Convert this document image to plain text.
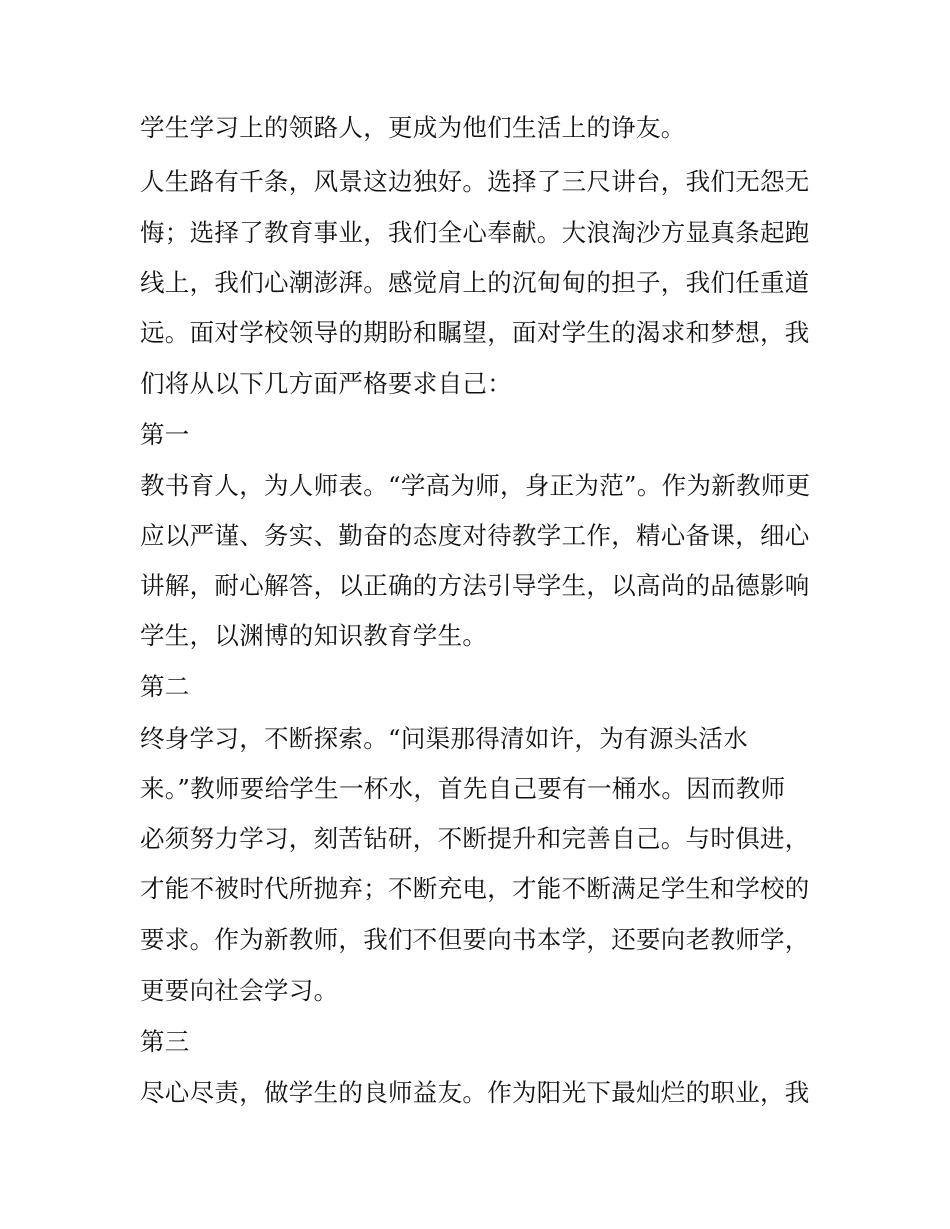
学生学习上的领路人，更成为他们生活上的诤友。
人生路有千条，风景这边独好。选择了三尺讲台，我们无怨无
悔；选择了教育事业，我们全心奉献。大浪淘沙方显真条起跑
线上，我们心潮澎湃。感觉肩上的沉甸甸的担子，我们任重道
远。面对学校领导的期盼和瞩望，面对学生的渴求和梦想，我
们将从以下几方面严格要求自己：
第一
教书育人，为人师表。“学高为师，身正为范”。作为新教师更
应以严谨、务实、勤奋的态度对待教学工作，精心备课，细心
讲解，耐心解答，以正确的方法引导学生，以高尚的品德影响
学生，以渊博的知识教育学生。
第二
终身学习，不断探索。“问渠那得清如许，为有源头活水
来。”教师要给学生一杯水，首先自己要有一桶水。因而教师
必须努力学习，刻苦钻研，不断提升和完善自己。与时俱进，
才能不被时代所抛弃；不断充电，才能不断满足学生和学校的
要求。作为新教师，我们不但要向书本学，还要向老教师学，
更要向社会学习。
第三
尽心尽责，做学生的良师益友。作为阳光下最灿烂的职业，我
